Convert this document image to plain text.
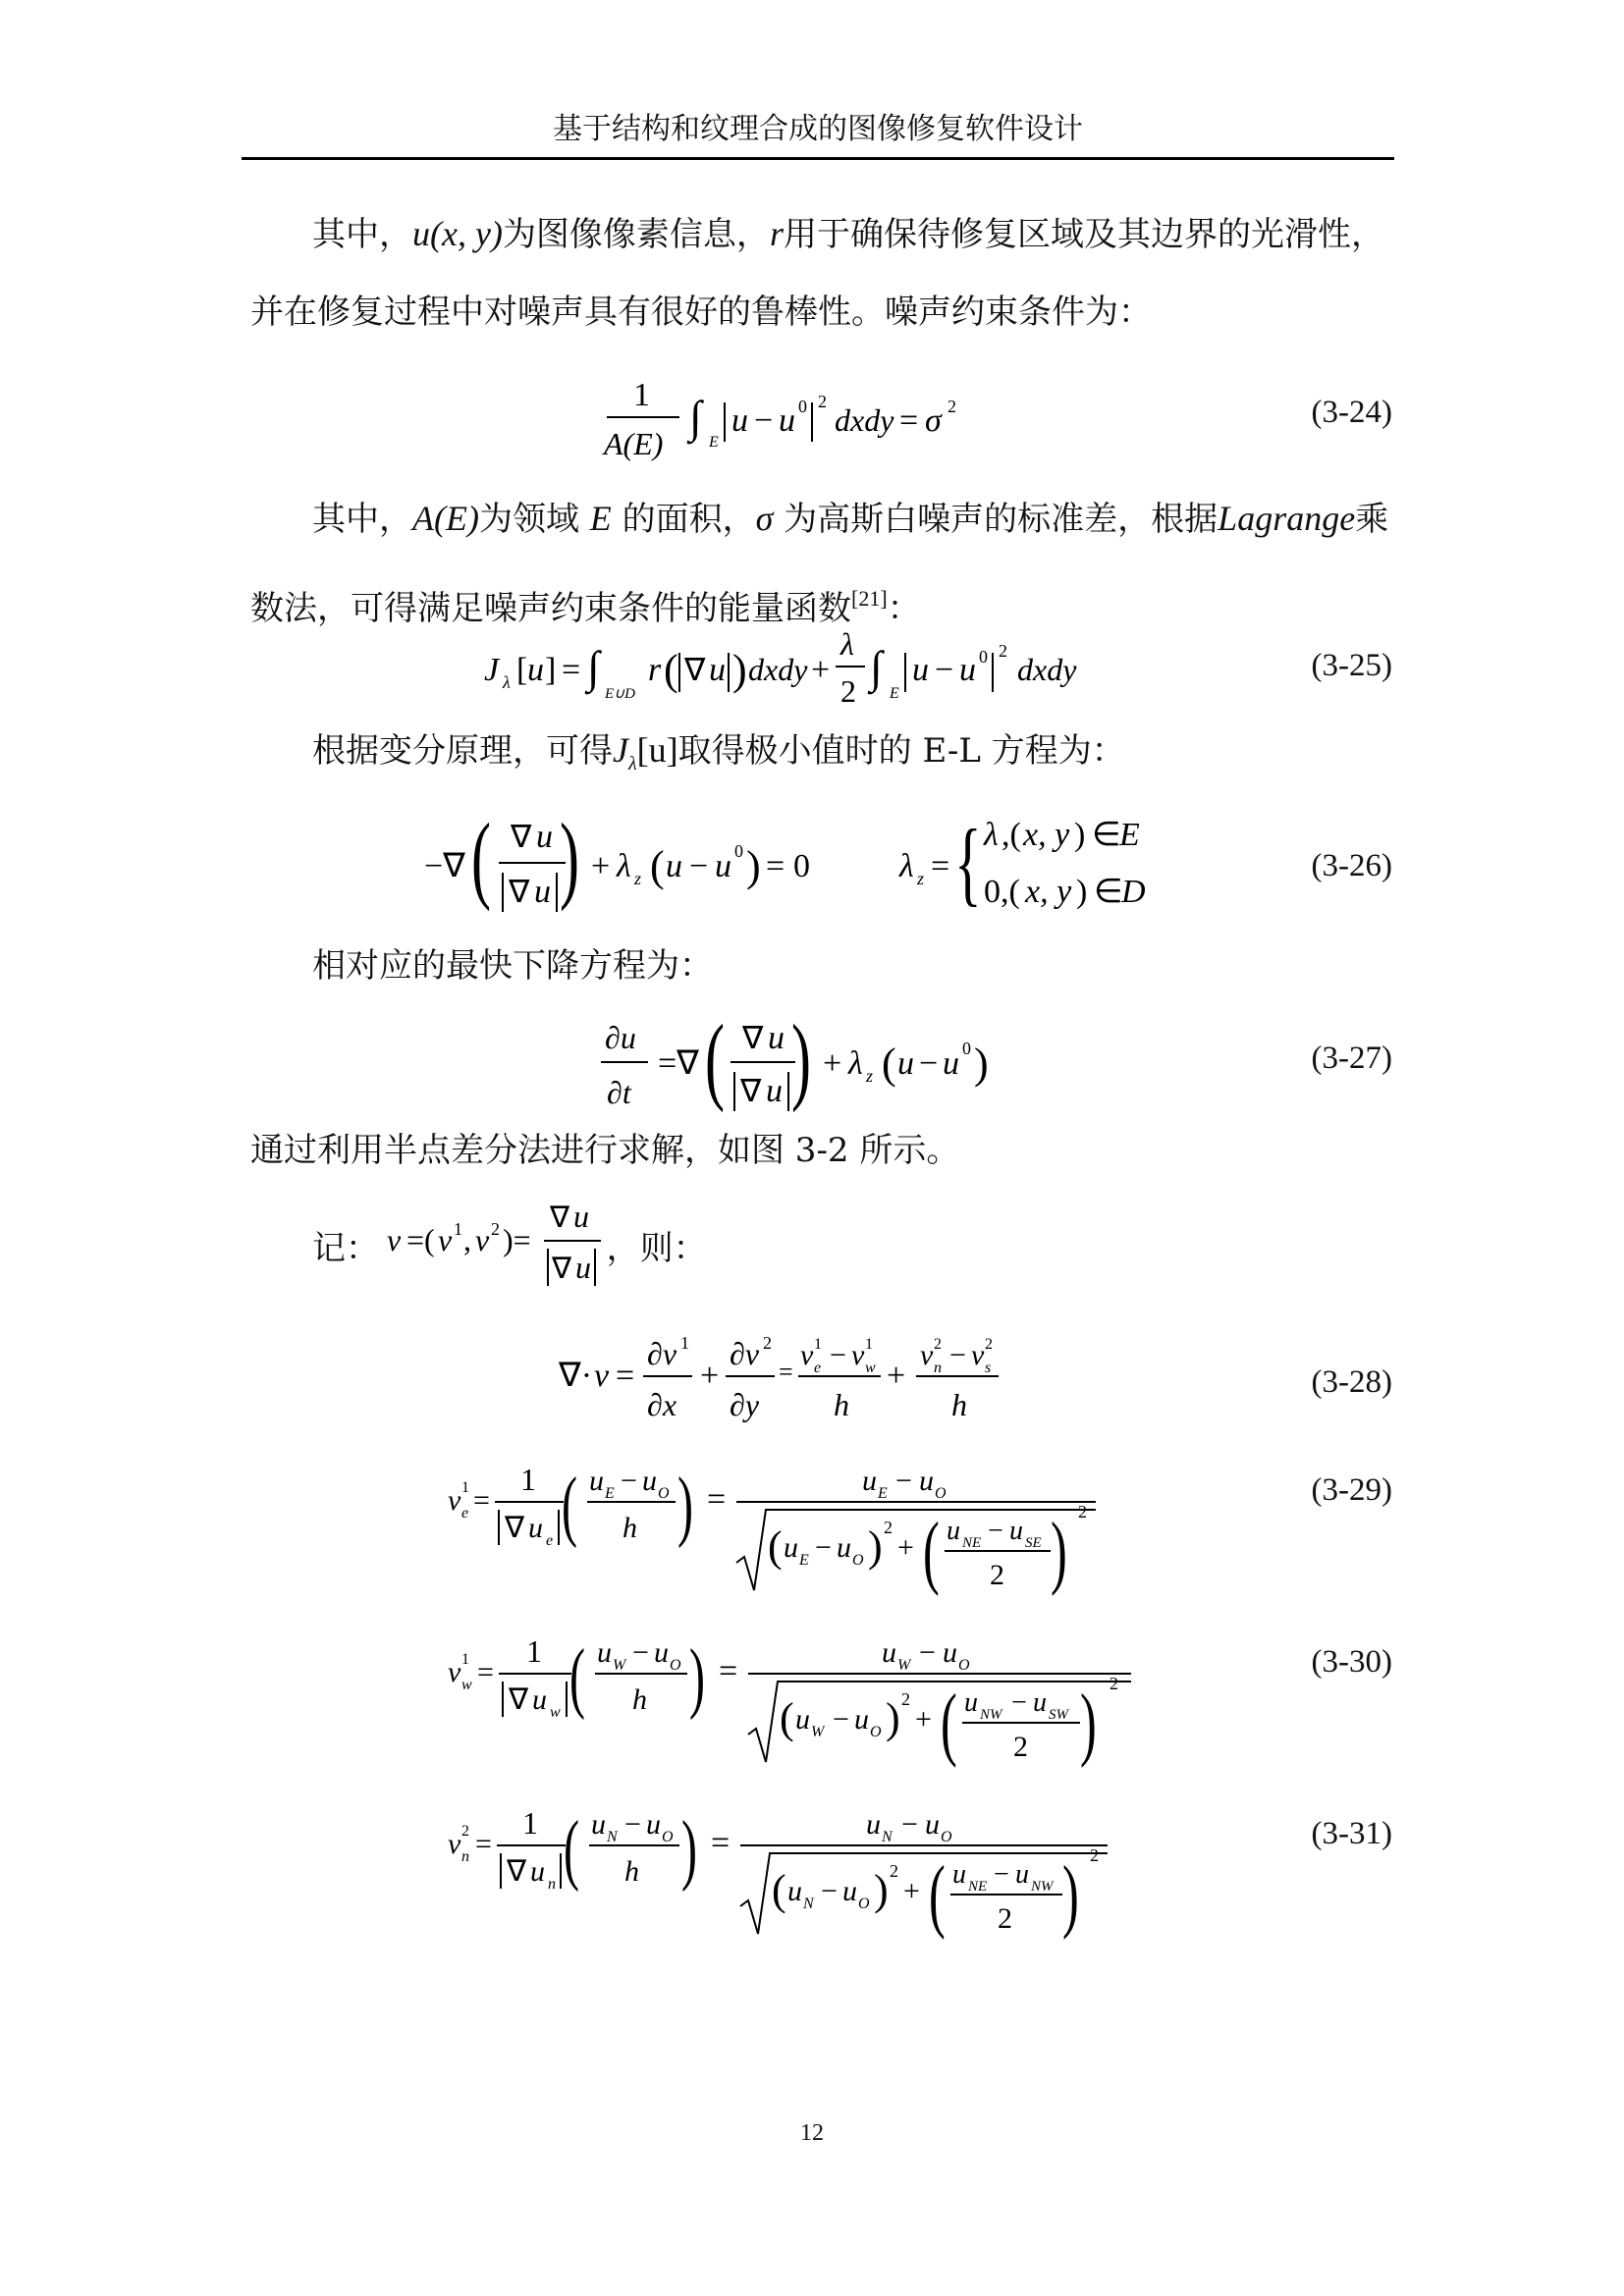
基于结构和纹理合成的图像修复软件设计
其中，u(x, y)为图像像素信息，r用于确保待修复区域及其边界的光滑性，
并在修复过程中对噪声具有很好的鲁棒性。噪声约束条件为：
1
A(E)
∫
E
u − u 0 2
dxdy = σ 2	(3-24)
其中，A(E)为领域 E 的面积，σ 为高斯白噪声的标准差，根据Lagrange乘
数法，可得满足噪声约束条件的能量函数[21]：
J λ [ u ] = ∫
E∪D
r ( ∇ u ) dxdy +
λ
2 ∫
E
u − u 0 2
dxdy	(3-25)
根据变分原理，可得$J_\lambda[u]$取得极小值时的 E-L 方程为：
−∇ ( ∇ u
∇ u ) + λ z ( u − u 0 ) = 0	λ z = { λ ,( x, y ) ∈
E
0,( x, y ) ∈
D
(3-26)
相对应的最快下降方程为：
∂u
∂t
=∇ ( ∇ u
∇ u ) + λ z ( u − u 0 )	(3-27)
通过利用半点差分法进行求解，如图 3-2 所示。
记：	，则：
v =( v 1 , v 2 )=
∇ u
∇ u
∇· v =
∂v 1
∂x
+
∂v 2
∂y
=
v 1
e − v 1
w
h
+
v 2
n − v 2
s
h
(3-28)
v 1
e =
1
∇ u e ( u E − u O
h ) =
u E − u O
( u E − u O ) 2
+ ( u NE − u SE
2 ) 2
(3-29)
v 1
w =
1
∇ u w ( u W − u O
h ) =
u W − u O
( u W − u O ) 2
+ ( u NW − u SW
2 ) 2
(3-30)
v 2
n =
1
∇ u n ( u N − u O
h ) =
u N − u O
( u N − u O ) 2
+ ( u NE − u NW
2 ) 2
(3-31)
12
